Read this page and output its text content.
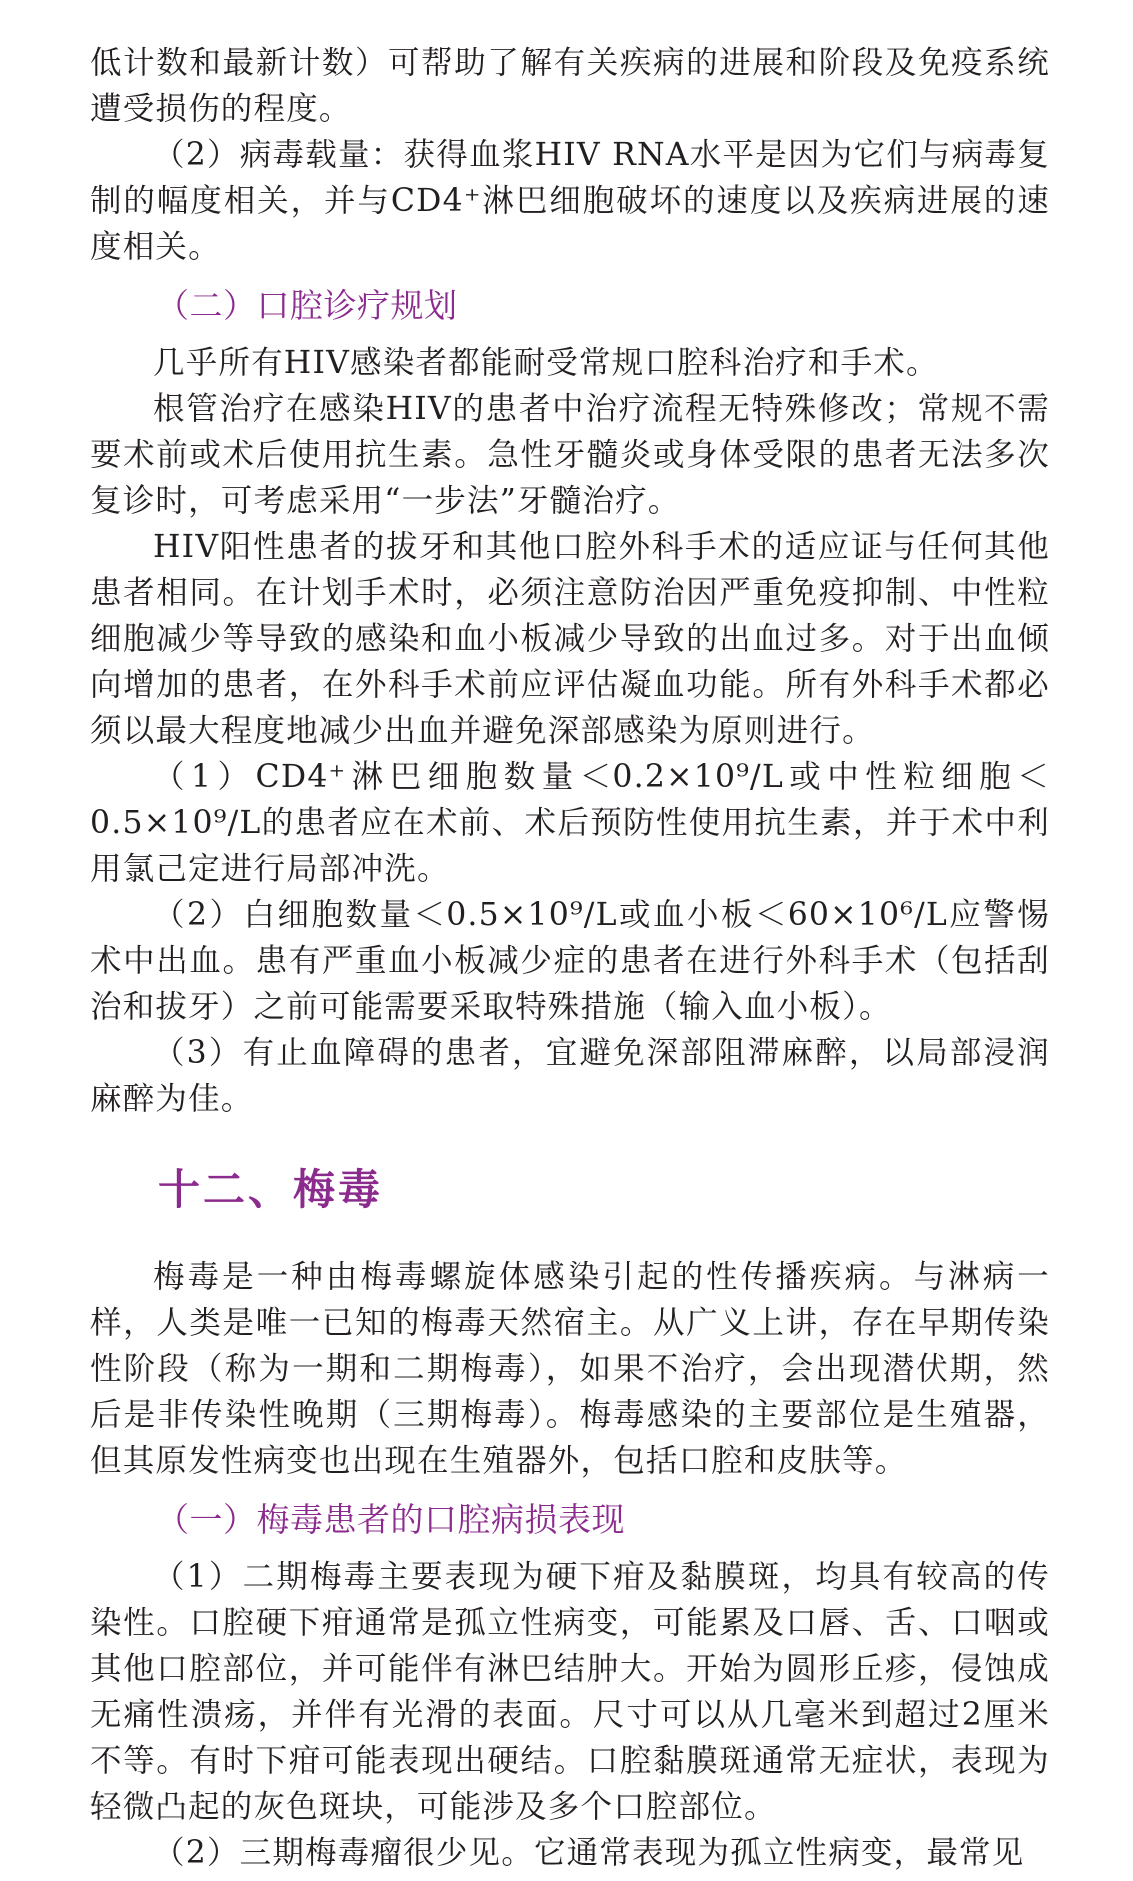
低计数和最新计数）可帮助了解有关疾病的进展和阶段及免疫系统遭受损伤的程度。

（2）病毒载量：获得血浆HIV RNA水平是因为它们与病毒复制的幅度相关，并与CD4⁺淋巴细胞破坏的速度以及疾病进展的速度相关。

（二）口腔诊疗规划

几乎所有HIV感染者都能耐受常规口腔科治疗和手术。

根管治疗在感染HIV的患者中治疗流程无特殊修改；常规不需要术前或术后使用抗生素。急性牙髓炎或身体受限的患者无法多次复诊时，可考虑采用“一步法”牙髓治疗。

HIV阳性患者的拔牙和其他口腔外科手术的适应证与任何其他患者相同。在计划手术时，必须注意防治因严重免疫抑制、中性粒细胞减少等导致的感染和血小板减少导致的出血过多。对于出血倾向增加的患者，在外科手术前应评估凝血功能。所有外科手术都必须以最大程度地减少出血并避免深部感染为原则进行。

（1）CD4⁺淋巴细胞数量＜0.2×10⁹/L或中性粒细胞＜0.5×10⁹/L的患者应在术前、术后预防性使用抗生素，并于术中利用氯己定进行局部冲洗。

（2）白细胞数量＜0.5×10⁹/L或血小板＜60×10⁶/L应警惕术中出血。患有严重血小板减少症的患者在进行外科手术（包括刮治和拔牙）之前可能需要采取特殊措施（输入血小板）。

（3）有止血障碍的患者，宜避免深部阻滞麻醉，以局部浸润麻醉为佳。

十二、梅毒

梅毒是一种由梅毒螺旋体感染引起的性传播疾病。与淋病一样，人类是唯一已知的梅毒天然宿主。从广义上讲，存在早期传染性阶段（称为一期和二期梅毒），如果不治疗，会出现潜伏期，然后是非传染性晚期（三期梅毒）。梅毒感染的主要部位是生殖器，但其原发性病变也出现在生殖器外，包括口腔和皮肤等。

（一）梅毒患者的口腔病损表现

（1）二期梅毒主要表现为硬下疳及黏膜斑，均具有较高的传染性。口腔硬下疳通常是孤立性病变，可能累及口唇、舌、口咽或其他口腔部位，并可能伴有淋巴结肿大。开始为圆形丘疹，侵蚀成无痛性溃疡，并伴有光滑的表面。尺寸可以从几毫米到超过2厘米不等。有时下疳可能表现出硬结。口腔黏膜斑通常无症状，表现为轻微凸起的灰色斑块，可能涉及多个口腔部位。

（2）三期梅毒瘤很少见。它通常表现为孤立性病变，最常见
